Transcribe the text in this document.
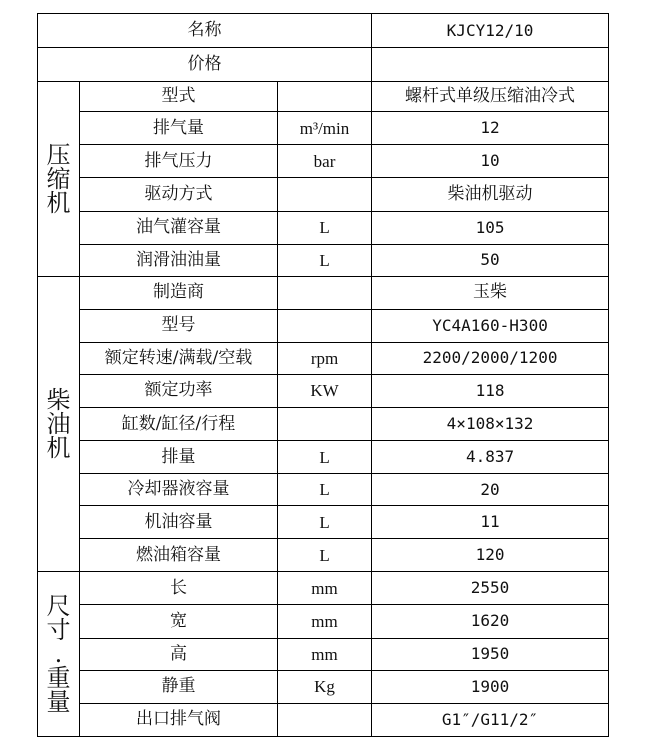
名称			KJCY12/10
价格			

压
缩
机	型式		螺杆式单级压缩油冷式
	排气量	m³/min	12
	排气压力	bar	10
	驱动方式		柴油机驱动
	油气灌容量	L	105
	润滑油油量	L	50

柴
油
机	制造商		玉柴
	型号		YC4A160-H300
	额定转速/满载/空载	rpm	2200/2000/1200
	额定功率	KW	118
	缸数/缸径/行程		4×108×132
	排量	L	4.837
	冷却器液容量	L	20
	机油容量	L	11
	燃油箱容量	L	120

尺
寸
.
重
量	长	mm	2550
	宽	mm	1620
	高	mm	1950
	静重	Kg	1900
	出口排气阀		G1″/G11/2″
